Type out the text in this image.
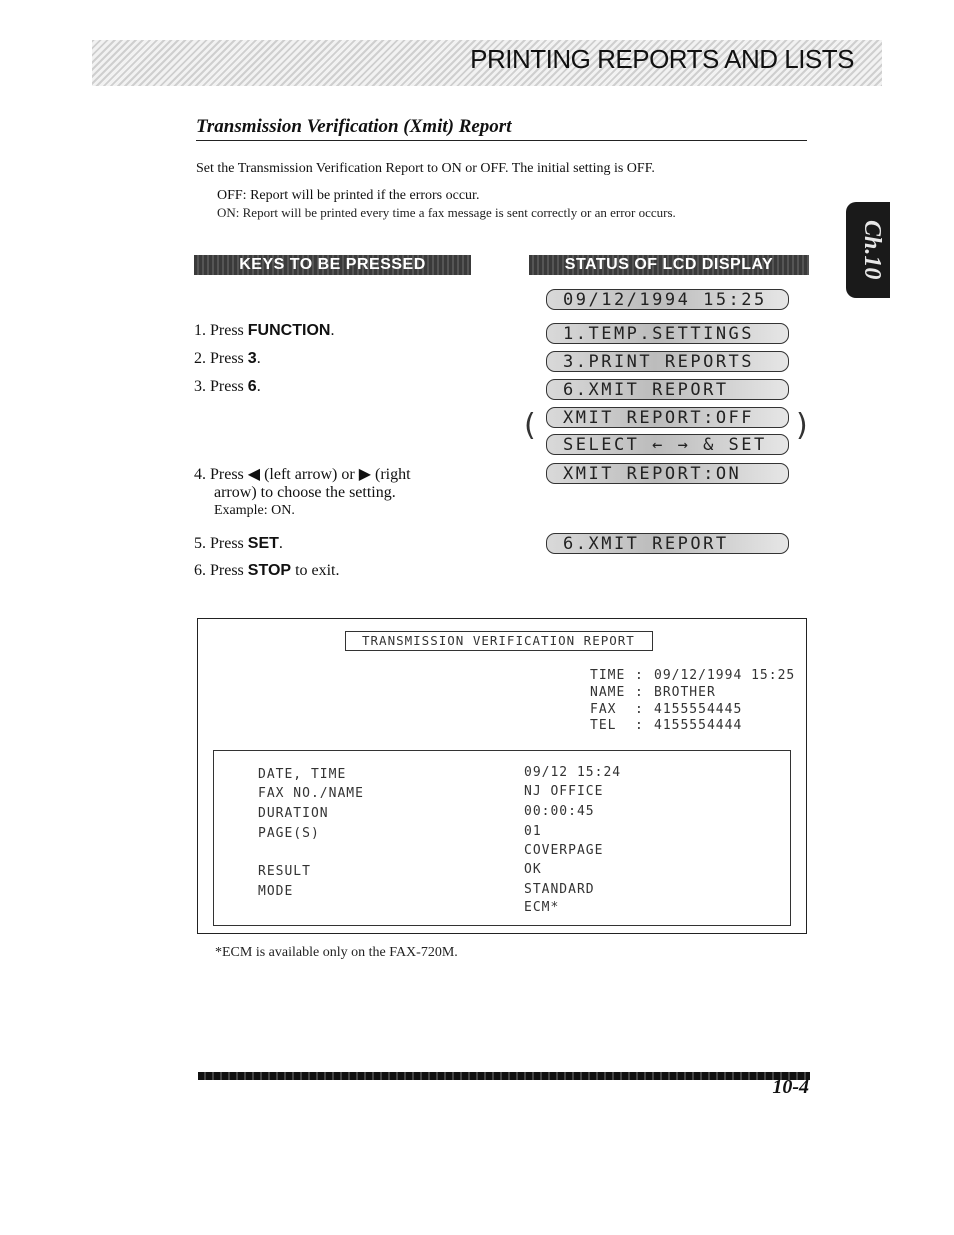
PRINTING REPORTS AND LISTS
Ch.10
Transmission Verification (Xmit) Report
Set the Transmission Verification Report to ON or OFF. The initial setting is OFF.
OFF: Report will be printed if the errors occur.
ON: Report will be printed every time a fax message is sent correctly or an error occurs.
KEYS TO BE PRESSED	STATUS OF LCD DISPLAY
1. Press FUNCTION.
2. Press 3.
3. Press 6.
4. Press ◀ (left arrow) or ▶ (right
arrow) to choose the setting.
Example: ON.
5. Press SET.
6. Press STOP to exit.
09/12/1994 15:25
1.TEMP.SETTINGS
3.PRINT REPORTS
6.XMIT REPORT
(	XMIT REPORT:OFF
SELECT ← → & SET
)
XMIT REPORT:ON
6.XMIT REPORT
TRANSMISSION VERIFICATION REPORT
TIME : 09/12/1994 15:25
NAME : BROTHER
FAX : 4155554445
TEL : 4155554444
DATE, TIME	09/12 15:24
FAX NO./NAME	NJ OFFICE
DURATION	00:00:45
PAGE(S)	01
COVERPAGE
RESULT	OK
MODE	STANDARD
ECM*
*ECM is available only on the FAX-720M.
10-4
